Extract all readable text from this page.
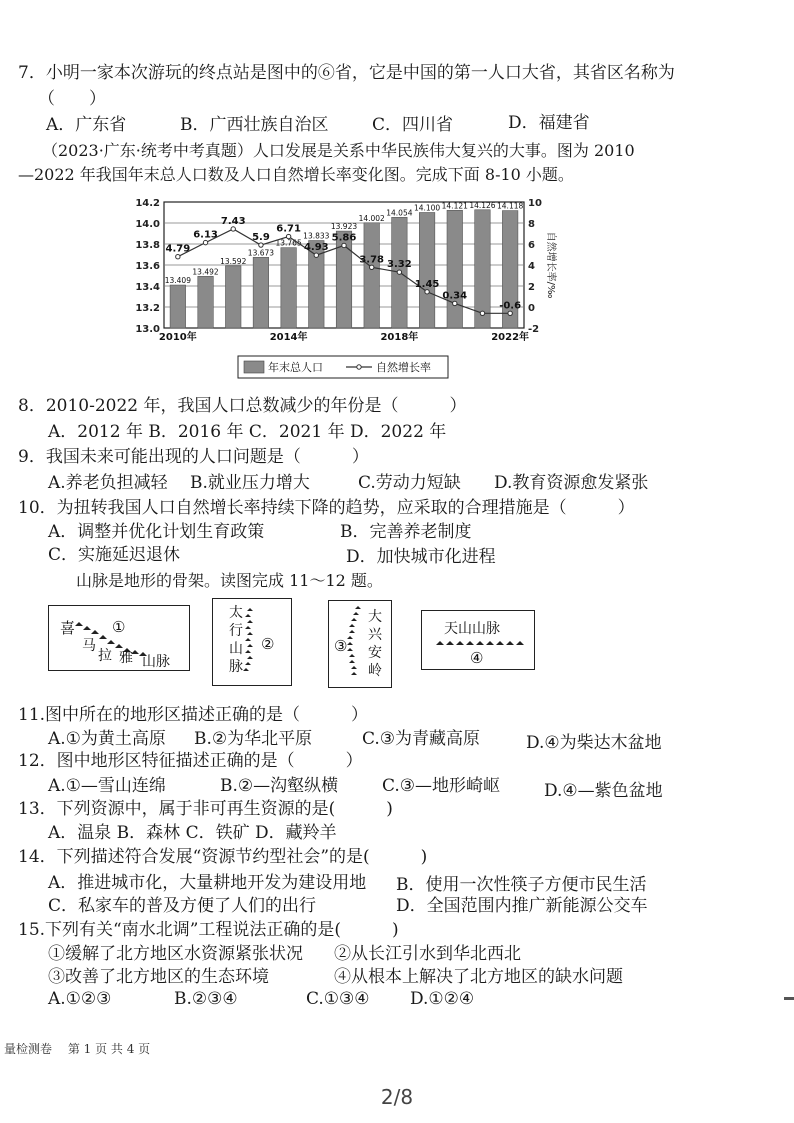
7．小明一家本次游玩的终点站是图中的⑥省，它是中国的第一人口大省，其省区名称为
（　　）
A．广东省	B．广西壮族自治区	C．四川省	D．福建省
（2023·广东·统考中考真题）人口发展是关系中华民族伟大复兴的大事。图为 2010
—2022 年我国年末总人口数及人口自然增长率变化图。完成下面 8-10 小题。
13.0
13.2
13.4
13.6
13.8
14.0
14.2
-2
0
2
4
6
8
10
自然增长率/‰
13.409
13.492
13.592
13.673
13.765
13.833
13.923
14.002
14.054
14.100 14.121 14.126 14.118
4.79
6.13
7.43
5.9
6.71
4.93
5.86
3.78 3.32
1.45
0.34
-0.6
2010年	2014年	2018年	2022年
年末总人口	自然增长率
8．2010-2022 年，我国人口总数减少的年份是（　　　）
A．2012 年 B．2016 年 C．2021 年 D．2022 年
9．我国未来可能出现的人口问题是（　　　）
A.养老负担减轻 B.就业压力增大	C.劳动力短缺 D.教育资源愈发紧张
10．为扭转我国人口自然增长率持续下降的趋势，应采取的合理措施是（　　　）
A．调整并优化计划生育政策	B．完善养老制度
C．实施延迟退休	D．加快城市化进程
山脉是地形的骨架。读图完成 11～12 题。
喜 ①
马
拉 雅 山脉
太
行
山
脉
②
大
兴
安
岭
③
天山山脉
④
11.图中所在的地形区描述正确的是（　　　）
A.①为黄土高原 B.②为华北平原	C.③为青藏高原	D.④为柴达木盆地
12．图中地形区特征描述正确的是（　　　）
A.①—雪山连绵	B.②—沟壑纵横	C.③—地形崎岖	D.④—紫色盆地
13．下列资源中，属于非可再生资源的是(　　　)
A．温泉 B．森林 C．铁矿 D．藏羚羊
14．下列描述符合发展“资源节约型社会”的是(　　　)
A．推进城市化，大量耕地开发为建设用地 B．使用一次性筷子方便市民生活
C．私家车的普及方便了人们的出行	D．全国范围内推广新能源公交车
15.下列有关“南水北调”工程说法正确的是(　　　)
①缓解了北方地区水资源紧张状况 ②从长江引水到华北西北
③改善了北方地区的生态环境	④从根本上解决了北方地区的缺水问题
A.①②③	B.②③④	C.①③④ D.①②④
量检测卷 第 1 页 共 4 页
2/8
